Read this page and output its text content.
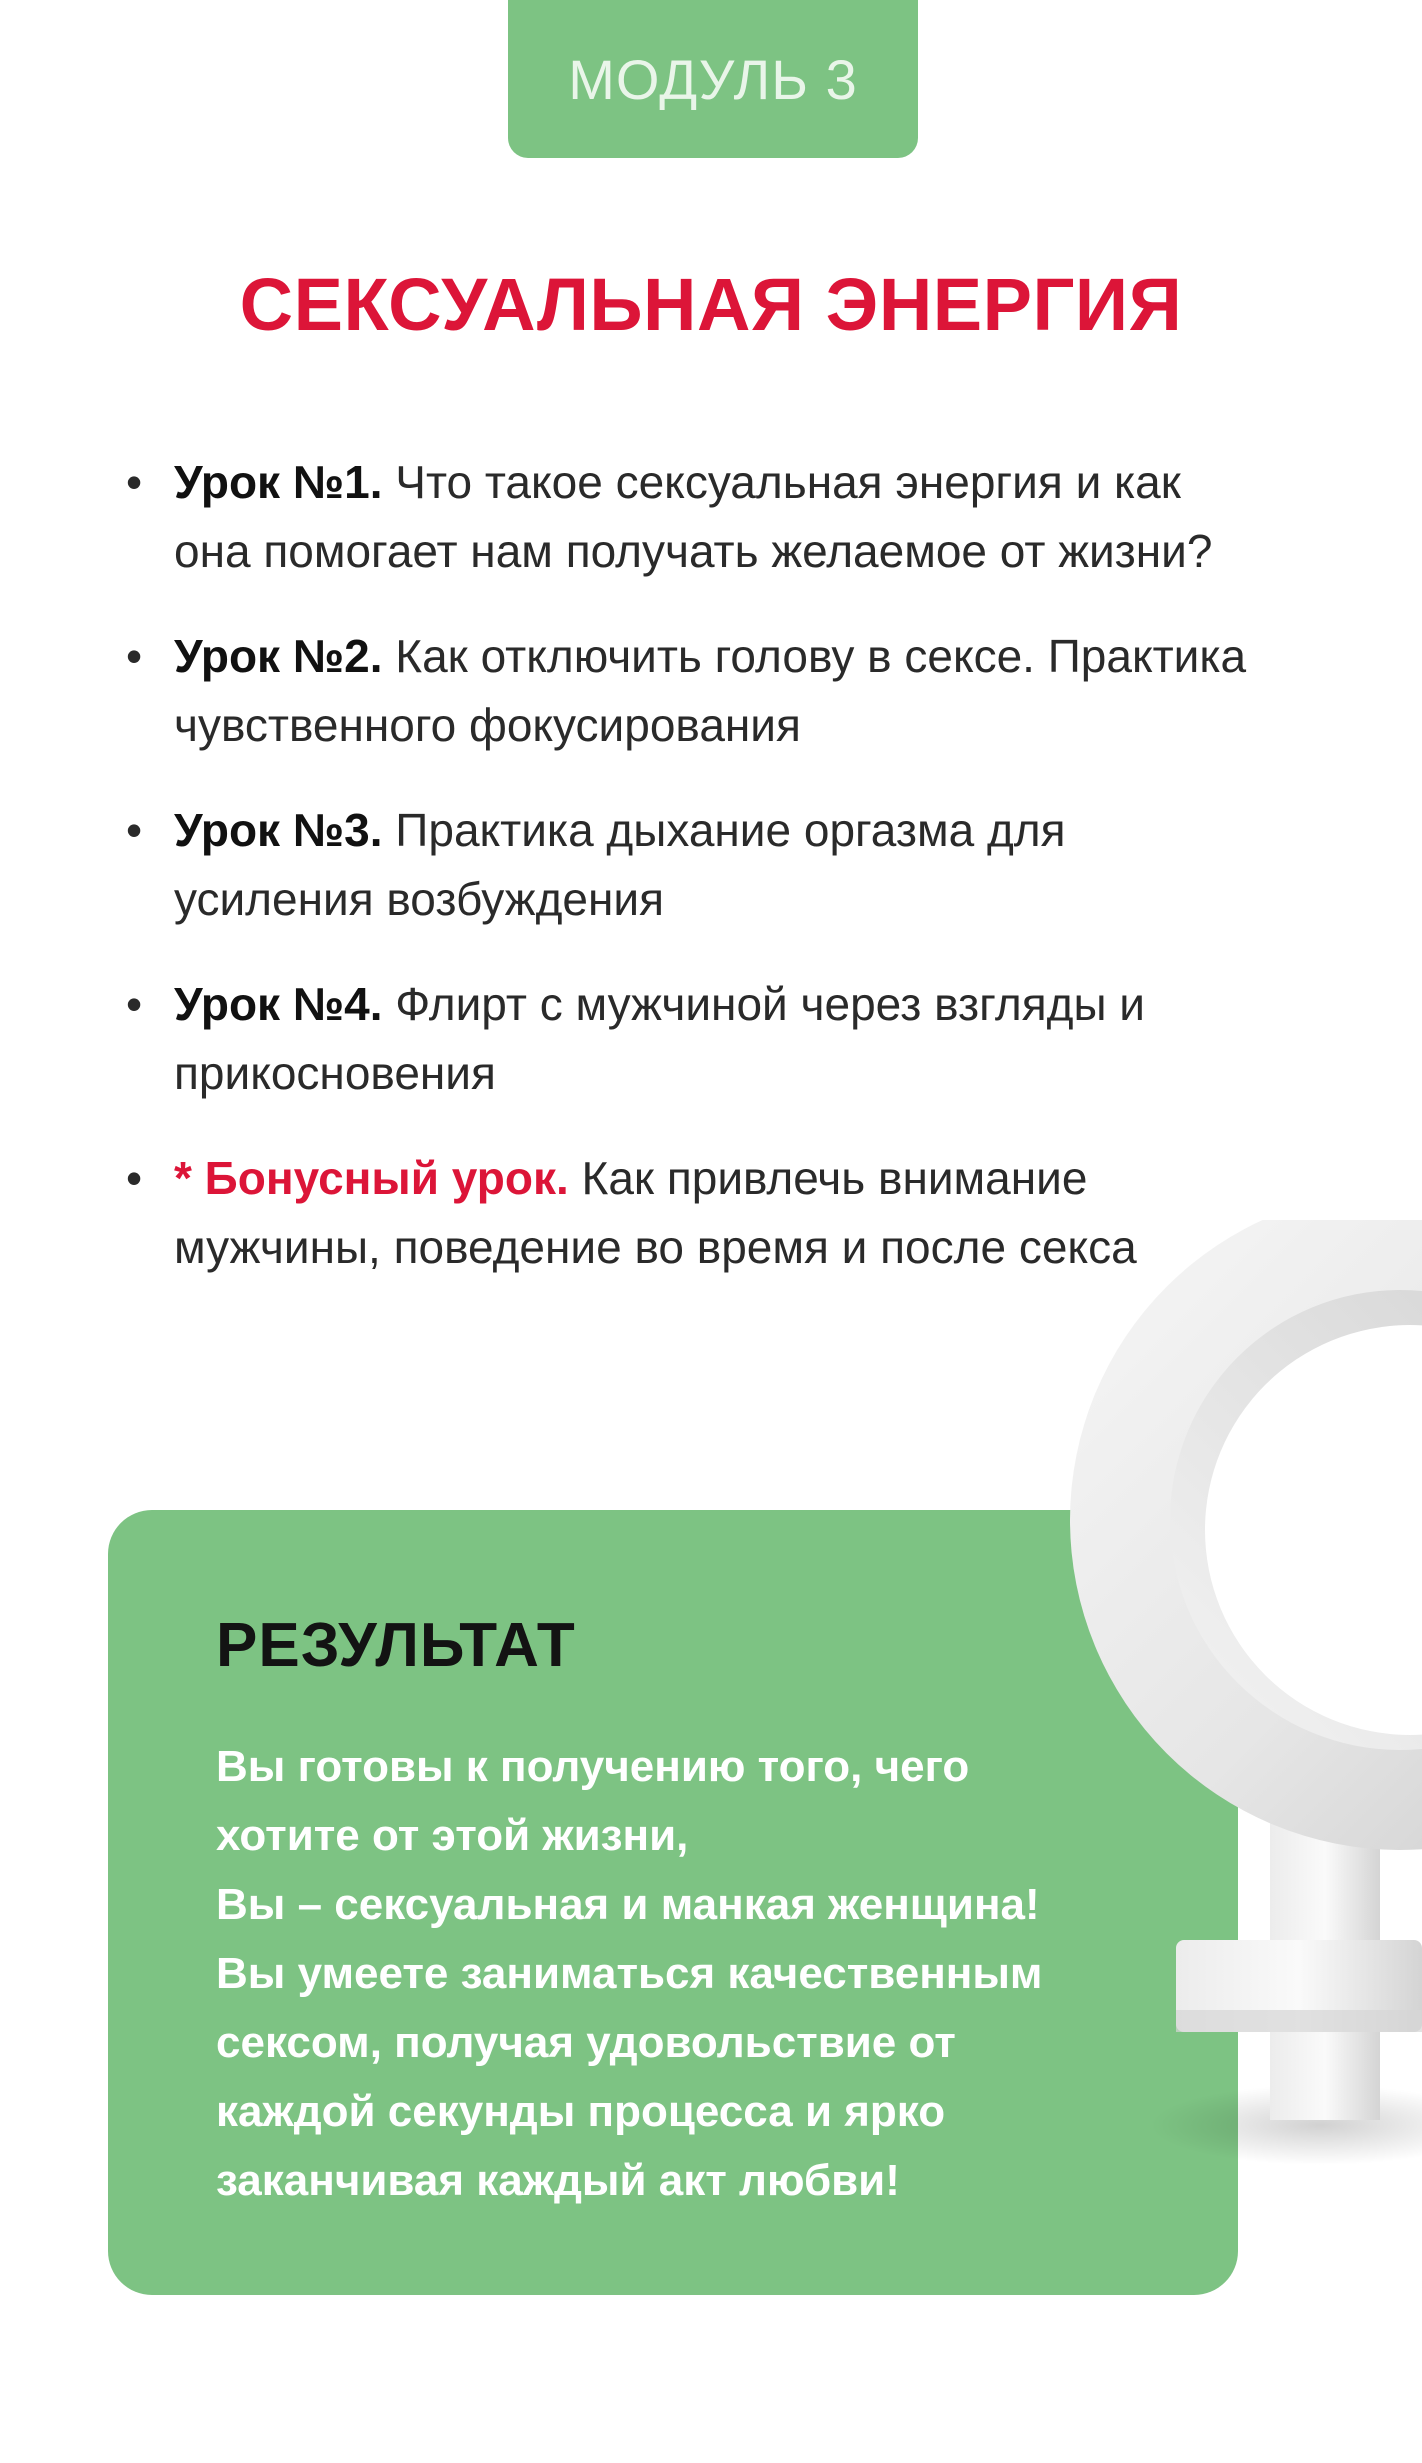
МОДУЛЬ 3
СЕКСУАЛЬНАЯ ЭНЕРГИЯ
• Урок №1. Что такое сексуальная энергия и как она помогает нам получать желаемое от жизни?
• Урок №2. Как отключить голову в сексе. Практика чувственного фокусирования
• Урок №3. Практика дыхание оргазма для усиления возбуждения
• Урок №4. Флирт с мужчиной через взгляды и прикосновения
• * Бонусный урок. Как привлечь внимание мужчины, поведение во время и после секса
РЕЗУЛЬТАТ
Вы готовы к получению того, чего
хотите от этой жизни,
Вы – сексуальная и манкая женщина!
Вы умеете заниматься качественным
сексом, получая удовольствие от
каждой секунды процесса и ярко
заканчивая каждый акт любви!
